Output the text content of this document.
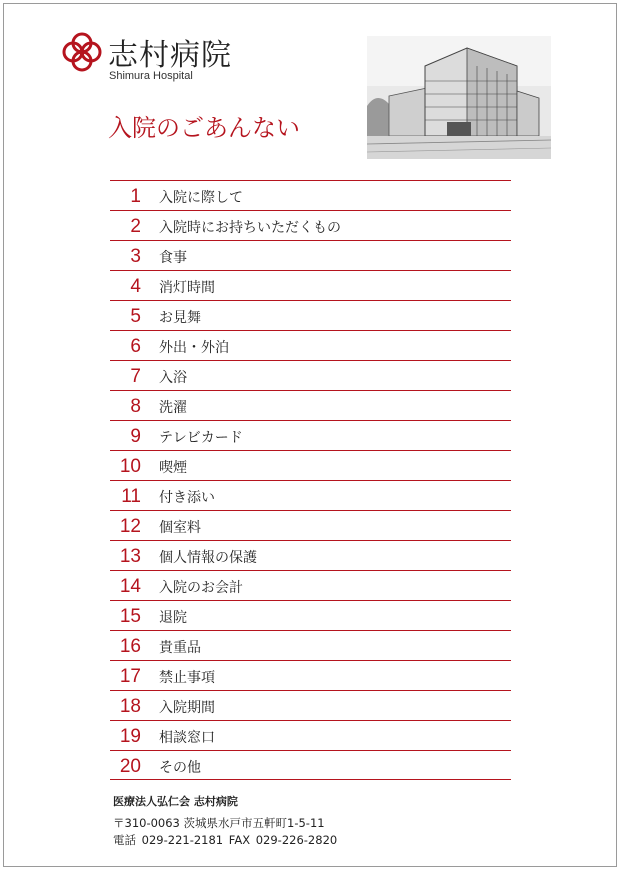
志村病院
Shimura Hospital
入院のごあんない
1 入院に際して
2 入院時にお持ちいただくもの
3 食事
4 消灯時間
5 お見舞
6 外出・外泊
7 入浴
8 洗濯
9 テレビカード
10 喫煙
11 付き添い
12 個室料
13 個人情報の保護
14 入院のお会計
15 退院
16 貴重品
17 禁止事項
18 入院期間
19 相談窓口
20 その他
医療法人弘仁会 志村病院
〒310-0063 茨城県水戸市五軒町1-5-11
電話 029-221-2181 FAX 029-226-2820
